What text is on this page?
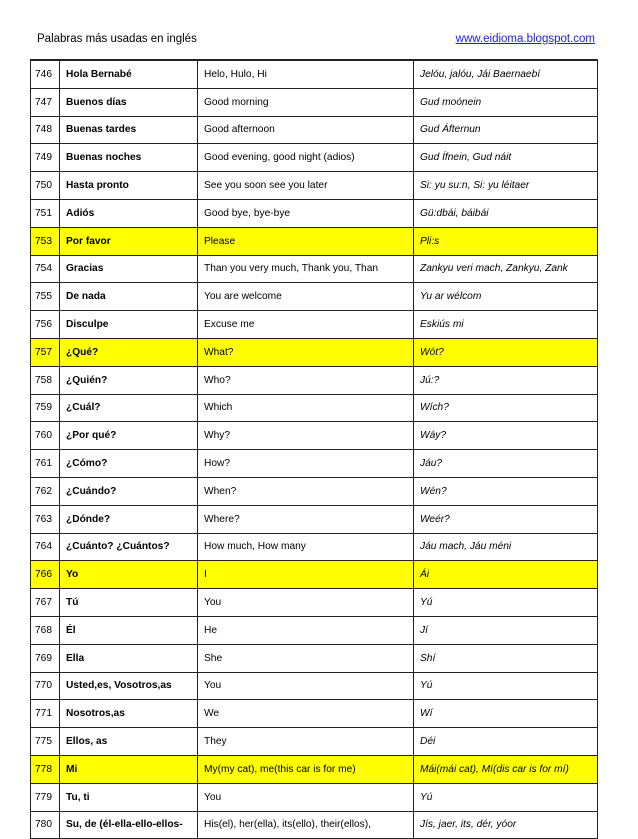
Palabras más usadas en inglés	www.eidioma.blogspot.com
746	Hola Bernabé	Helo, Hulo, Hi	Jelóu, jalóu, Jái Baernaebí
747	Buenos días	Good morning	Gud moónein
748	Buenas tardes	Good afternoon	Gud Áfternun
749	Buenas noches	Good evening, good night (adios)	Gud Ífnein, Gud náit
750	Hasta pronto	See you soon see you later	Si: yu su:n, Si: yu léitaer
751	Adiós	Good bye, bye-bye	Gü:dbái, báibái
753	Por favor	Please	Pli:s
754	Gracias	Than you very much, Thank you, Than	Zankyu veri mach, Zankyu, Zank
755	De nada	You are welcome	Yu ar wélcom
756	Disculpe	Excuse me	Eskiús mi
757	¿Qué?	What?	Wót?
758	¿Quién?	Who?	Jú:?
759	¿Cuál?	Which	Wích?
760	¿Por qué?	Why?	Wáy?
761	¿Cómo?	How?	Jáu?
762	¿Cuándo?	When?	Wén?
763	¿Dónde?	Where?	Weér?
764	¿Cuánto? ¿Cuántos?	How much, How many	Jáu mach, Jáu méni
766	Yo	I	Ái
767	Tú	You	Yú
768	Él	He	Jí
769	Ella	She	Shí
770	Usted,es, Vosotros,as	You	Yú
771	Nosotros,as	We	Wí
775	Ellos, as	They	Déi
778	Mi	My(my cat), me(this car is for me)	Mái(mái cat), Mí(dis car is for mí)
779	Tu, ti	You	Yú
780	Su, de (él-ella-ello-ellos-	His(el), her(ella), its(ello), their(ellos),	Jís, jaer, its, dér, yóor
